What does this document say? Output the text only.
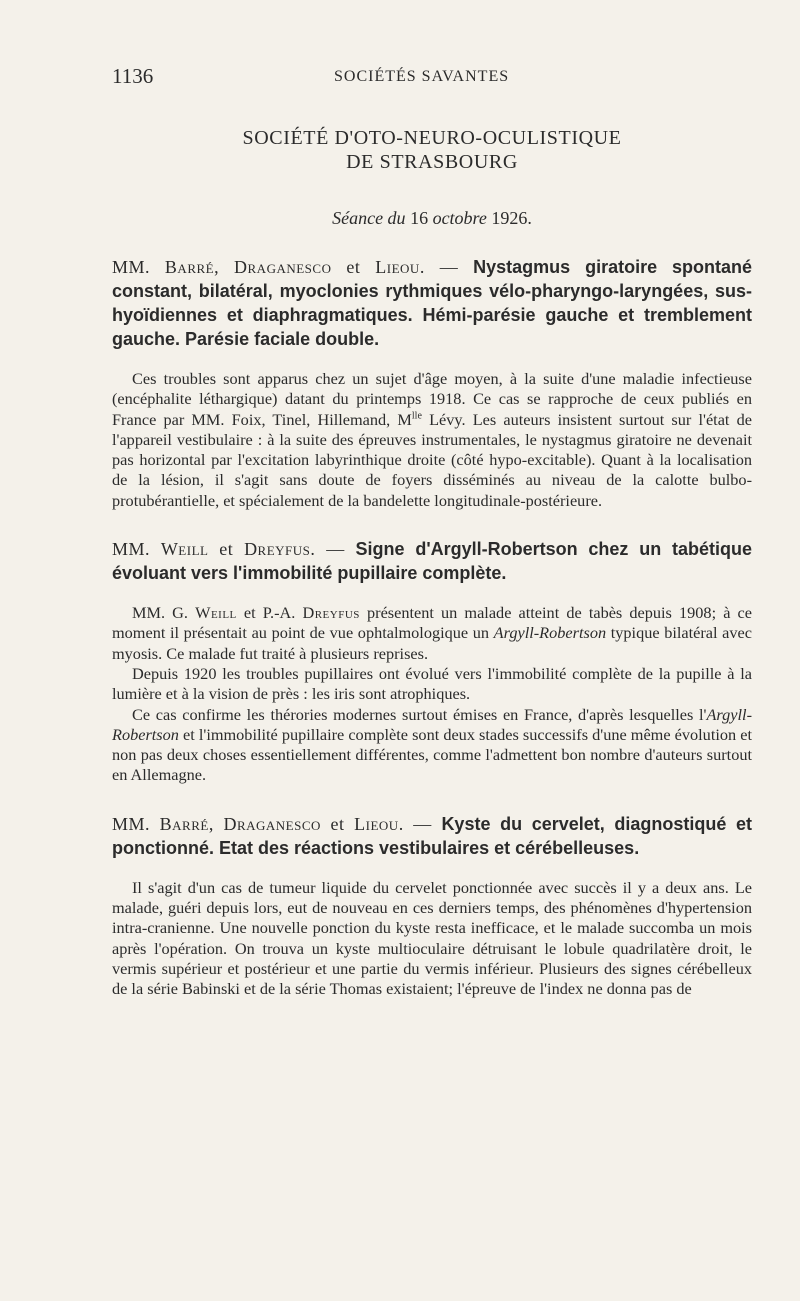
1136	SOCIÉTÉS SAVANTES
SOCIÉTÉ D'OTO-NEURO-OCULISTIQUE
DE STRASBOURG
Séance du 16 octobre 1926.
MM. Barré, Draganesco et Lieou. — Nystagmus giratoire spontané constant, bilatéral, myoclonies rythmiques vélo-pharyngo-laryngées, sus-hyoïdiennes et diaphragmatiques. Hémi-parésie gauche et tremblement gauche. Parésie faciale double.

Ces troubles sont apparus chez un sujet d'âge moyen, à la suite d'une maladie infectieuse (encéphalite léthargique) datant du printemps 1918. Ce cas se rapproche de ceux publiés en France par MM. Foix, Tinel, Hillemand, $M^{lle}$ Lévy. Les auteurs insistent surtout sur l'état de l'appareil vestibulaire : à la suite des épreuves instrumentales, le nystagmus giratoire ne devenait pas horizontal par l'excitation labyrinthique droite (côté hypo-excitable). Quant à la localisation de la lésion, il s'agit sans doute de foyers disséminés au niveau de la calotte bulbo-protubérantielle, et spécialement de la bandelette longitudinale-postérieure.

MM. Weill et Dreyfus. — Signe d'Argyll-Robertson chez un tabétique évoluant vers l'immobilité pupillaire complète.

MM. G. Weill et P.-A. Dreyfus présentent un malade atteint de tabès depuis 1908; à ce moment il présentait au point de vue ophtalmologique un Argyll-Robertson typique bilatéral avec myosis. Ce malade fut traité à plusieurs reprises.

Depuis 1920 les troubles pupillaires ont évolué vers l'immobilité complète de la pupille à la lumière et à la vision de près : les iris sont atrophiques.

Ce cas confirme les thérories modernes surtout émises en France, d'après lesquelles l'Argyll-Robertson et l'immobilité pupillaire complète sont deux stades successifs d'une même évolution et non pas deux choses essentiellement différentes, comme l'admettent bon nombre d'auteurs surtout en Allemagne.

MM. Barré, Draganesco et Lieou. — Kyste du cervelet, diagnostiqué et ponctionné. Etat des réactions vestibulaires et cérébelleuses.

Il s'agit d'un cas de tumeur liquide du cervelet ponctionnée avec succès il y a deux ans. Le malade, guéri depuis lors, eut de nouveau en ces derniers temps, des phénomènes d'hypertension intra-cranienne. Une nouvelle ponction du kyste resta inefficace, et le malade succomba un mois après l'opération. On trouva un kyste multioculaire détruisant le lobule quadrilatère droit, le vermis supérieur et postérieur et une partie du vermis inférieur. Plusieurs des signes cérébelleux de la série Babinski et de la série Thomas existaient; l'épreuve de l'index ne donna pas de
